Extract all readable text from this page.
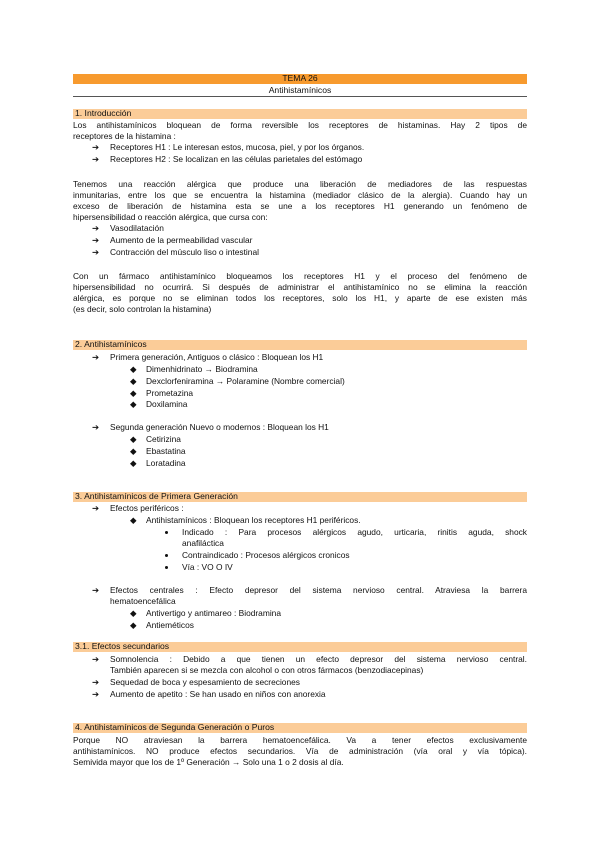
TEMA 26
Antihistamínicos
1. Introducción
Los antihistamínicos bloquean de forma reversible los receptores de histaminas. Hay 2 tipos de
receptores de la histamina :
➔ Receptores H1 : Le interesan estos, mucosa, piel, y por los órganos.
➔ Receptores H2 : Se localizan en las células parietales del estómago
Tenemos una reacción alérgica que produce una liberación de mediadores de las respuestas
inmunitarias, entre los que se encuentra la histamina (mediador clásico de la alergia). Cuando hay un
exceso de liberación de histamina esta se une a los receptores H1 generando un fenómeno de
hipersensibilidad o reacción alérgica, que cursa con:
➔ Vasodilatación
➔ Aumento de la permeabilidad vascular
➔ Contracción del músculo liso o intestinal
Con un fármaco antihistamínico bloqueamos los receptores H1 y el proceso del fenómeno de
hipersensibilidad no ocurrirá. Si después de administrar el antihistamínico no se elimina la reacción
alérgica, es porque no se eliminan todos los receptores, solo los H1, y aparte de ese existen más
(es decir, solo controlan la histamina)
2. Antihistamínicos
➔ Primera generación, Antiguos o clásico : Bloquean los H1
◆ Dimenhidrinato → Biodramina
◆ Dexclorfeniramina → Polaramine (Nombre comercial)
◆ Prometazina
◆ Doxilamina
➔ Segunda generación Nuevo o modernos : Bloquean los H1
◆ Cetirizina
◆ Ebastatina
◆ Loratadina
3. Antihistamínicos de Primera Generación
➔ Efectos periféricos :
◆ Antihistamínicos : Bloquean los receptores H1 periféricos.
Indicado : Para procesos alérgicos agudo, urticaria, rinitis aguda, shock
anafiláctica
Contraindicado : Procesos alérgicos cronicos
Vía : VO O IV
➔ Efectos centrales : Efecto depresor del sistema nervioso central. Atraviesa la barrera
hematoencefálica
◆ Antivertigo y antimareo : Biodramina
◆ Antieméticos
3.1. Efectos secundarios
➔ Somnolencia : Debido a que tienen un efecto depresor del sistema nervioso central.
También aparecen si se mezcla con alcohol o con otros fármacos (benzodiacepinas)
➔ Sequedad de boca y espesamiento de secreciones
➔ Aumento de apetito : Se han usado en niños con anorexia
4. Antihistamínicos de Segunda Generación o Puros
Porque NO atraviesan la barrera hematoencefálica. Va a tener efectos exclusivamente
antihistamínicos. NO produce efectos secundarios. Vía de administración (vía oral y vía tópica).
Semivida mayor que los de 1º Generación → Solo una 1 o 2 dosis al día.
